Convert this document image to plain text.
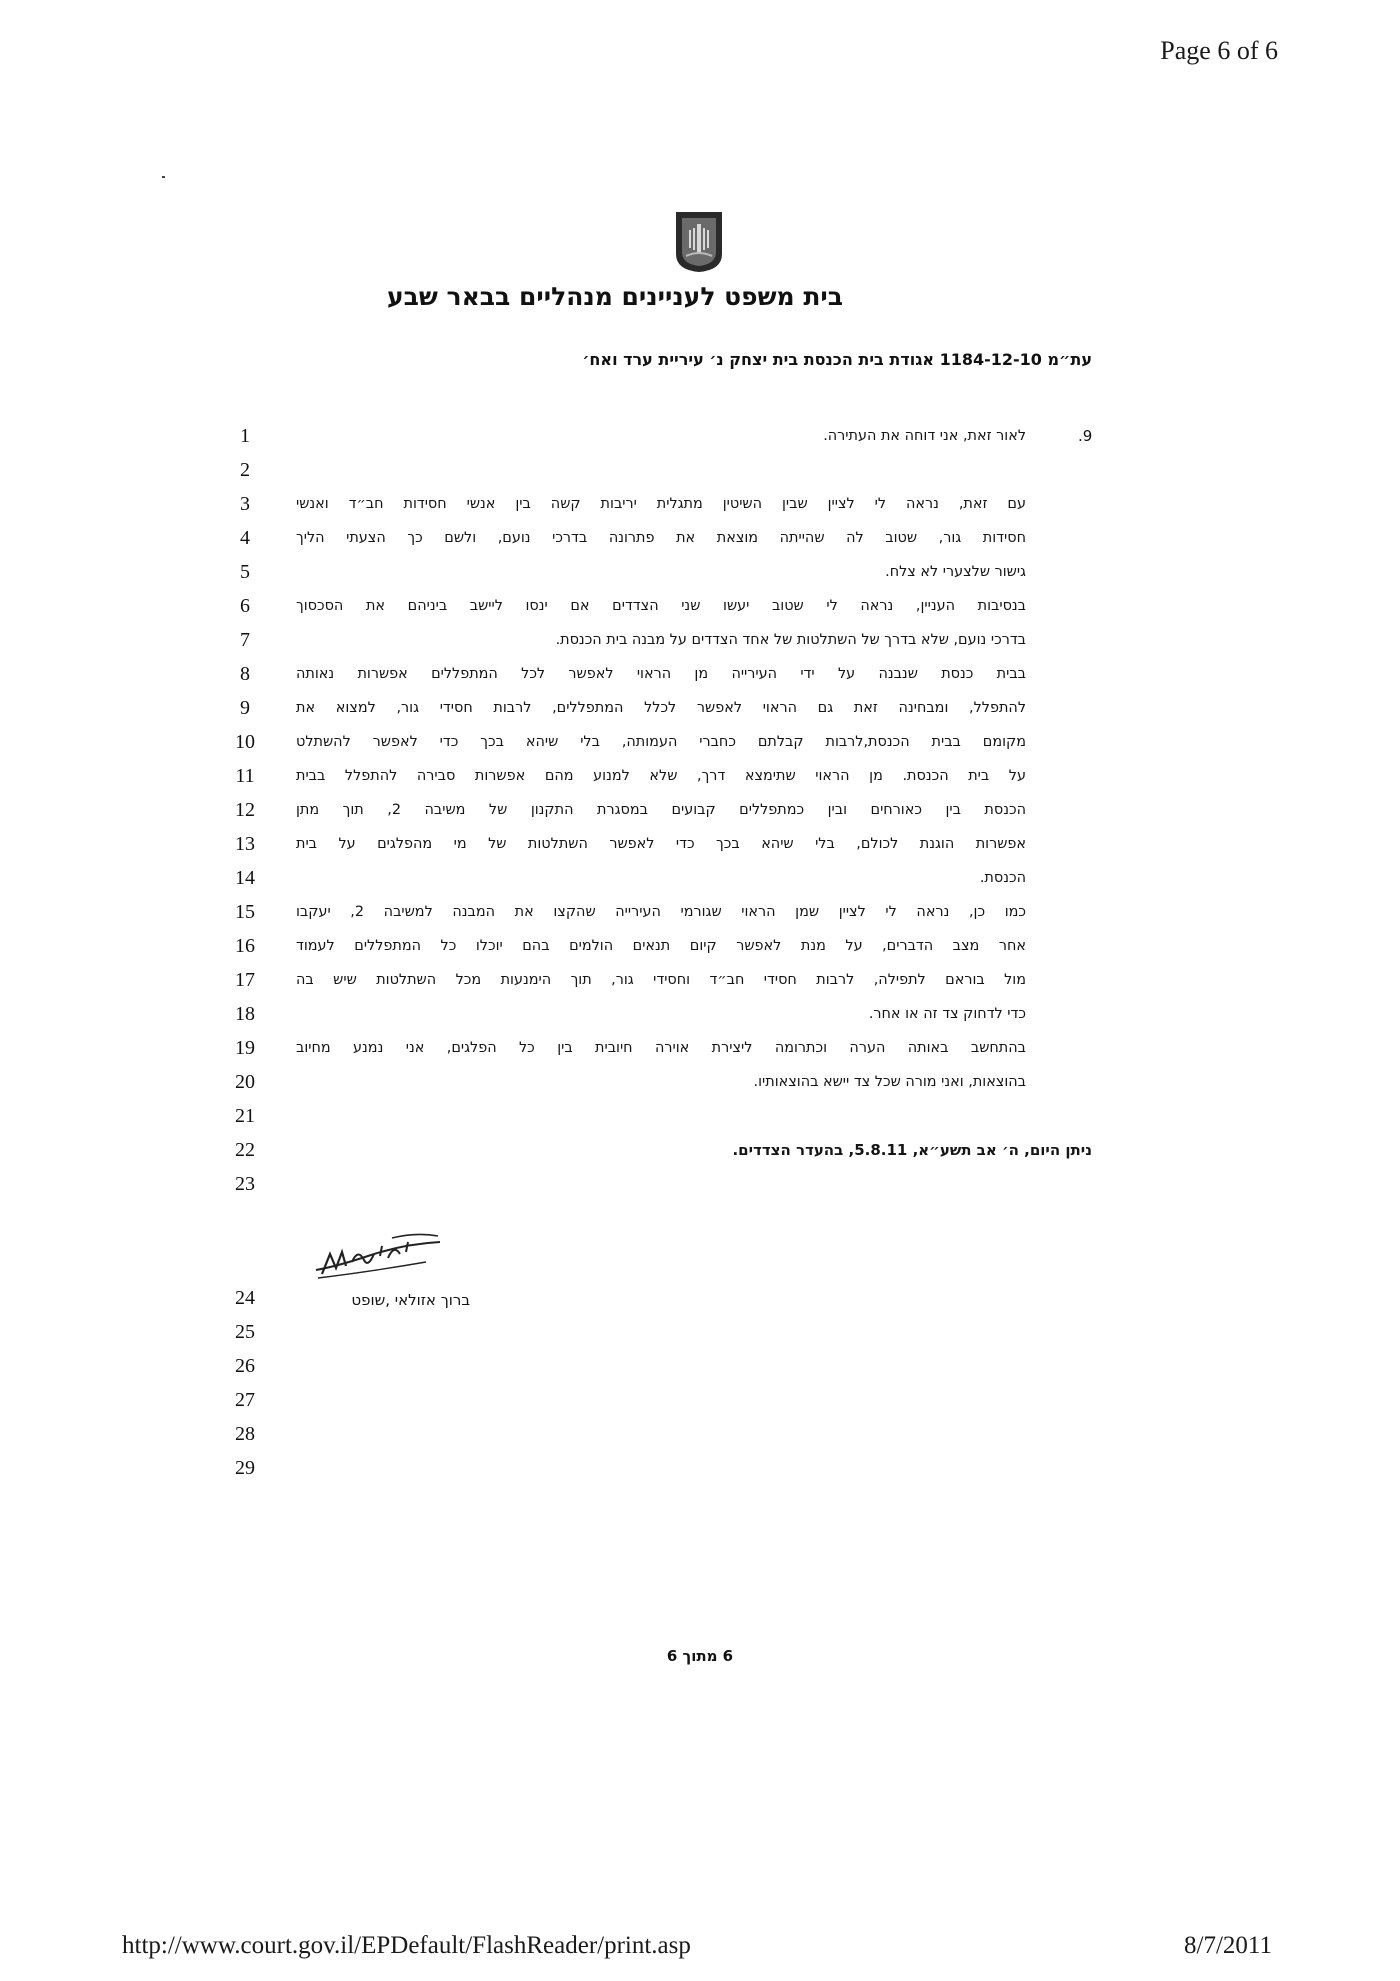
Page 6 of 6
בית משפט לעניינים מנהליים בבאר שבע
עת״מ 1184-12-10 אגודת בית הכנסת בית יצחק נ׳ עיריית ערד ואח׳
1
2
3
4
5
6
7
8
9
10
11
12
13
14
15
16
17
18
19
20
21
22
23
24
25
26
27
28
29
.9
לאור זאת, אני דוחה את העתירה.
עם זאת, נראה לי לציין שבין השיטין מתגלית יריבות קשה בין אנשי חסידות חב״ד ואנשי
חסידות גור, שטוב לה שהייתה מוצאת את פתרונה בדרכי נועם, ולשם כך הצעתי הליך
גישור שלצערי לא צלח.
בנסיבות העניין, נראה לי שטוב יעשו שני הצדדים אם ינסו ליישב ביניהם את הסכסוך
בדרכי נועם, שלא בדרך של השתלטות של אחד הצדדים על מבנה בית הכנסת.
בבית כנסת שנבנה על ידי העירייה מן הראוי לאפשר לכל המתפללים אפשרות נאותה
להתפלל, ומבחינה זאת גם הראוי לאפשר לכלל המתפללים, לרבות חסידי גור, למצוא את
מקומם בבית הכנסת,לרבות קבלתם כחברי העמותה, בלי שיהא בכך כדי לאפשר להשתלט
על בית הכנסת. מן הראוי שתימצא דרך, שלא למנוע מהם אפשרות סבירה להתפלל בבית
הכנסת בין כאורחים ובין כמתפללים קבועים במסגרת התקנון של משיבה 2, תוך מתן
אפשרות הוגנת לכולם, בלי שיהא בכך כדי לאפשר השתלטות של מי מהפלגים על בית
הכנסת.
כמו כן, נראה לי לציין שמן הראוי שגורמי העירייה שהקצו את המבנה למשיבה 2, יעקבו
אחר מצב הדברים, על מנת לאפשר קיום תנאים הולמים בהם יוכלו כל המתפללים לעמוד
מול בוראם לתפילה, לרבות חסידי חב״ד וחסידי גור, תוך הימנעות מכל השתלטות שיש בה
כדי לדחוק צד זה או אחר.
בהתחשב באותה הערה וכתרומה ליצירת אוירה חיובית בין כל הפלגים, אני נמנע מחיוב
בהוצאות, ואני מורה שכל צד יישא בהוצאותיו.
ניתן היום, ה׳ אב תשע״א, 5.8.11, בהעדר הצדדים.
ברוך אזולאי ,שופט
6 מתוך 6
http://www.court.gov.il/EPDefault/FlashReader/print.asp	8/7/2011
